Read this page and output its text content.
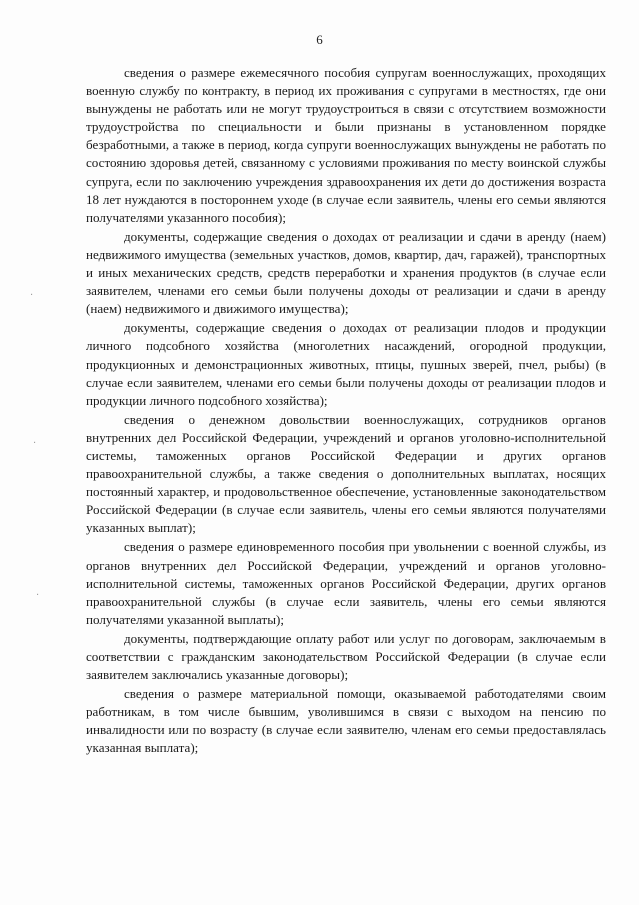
6
·
·
·

сведения о размере ежемесячного пособия супругам военнослужащих, проходящих военную службу по контракту, в период их проживания с супругами в местностях, где они вынуждены не работать или не могут трудоустроиться в связи с отсутствием возможности трудоустройства по специальности и были признаны в установленном порядке безработными, а также в период, когда супруги военнослужащих вынуждены не работать по состоянию здоровья детей, связанному с условиями проживания по месту воинской службы супруга, если по заключению учреждения здравоохранения их дети до достижения возраста 18 лет нуждаются в постороннем уходе (в случае если заявитель, члены его семьи являются получателями указанного пособия);

документы, содержащие сведения о доходах от реализации и сдачи в аренду (наем) недвижимого имущества (земельных участков, домов, квартир, дач, гаражей), транспортных и иных механических средств, средств переработки и хранения продуктов (в случае если заявителем, членами его семьи были получены доходы от реализации и сдачи в аренду (наем) недвижимого и движимого имущества);

документы, содержащие сведения о доходах от реализации плодов и продукции личного подсобного хозяйства (многолетних насаждений, огородной продукции, продукционных и демонстрационных животных, птицы, пушных зверей, пчел, рыбы) (в случае если заявителем, членами его семьи были получены доходы от реализации плодов и продукции личного подсобного хозяйства);

сведения о денежном довольствии военнослужащих, сотрудников органов внутренних дел Российской Федерации, учреждений и органов уголовно-исполнительной системы, таможенных органов Российской Федерации и других органов правоохранительной службы, а также сведения о дополнительных выплатах, носящих постоянный характер, и продовольственное обеспечение, установленные законодательством Российской Федерации (в случае если заявитель, члены его семьи являются получателями указанных выплат);

сведения о размере единовременного пособия при увольнении с военной службы, из органов внутренних дел Российской Федерации, учреждений и органов уголовно-исполнительной системы, таможенных органов Российской Федерации, других органов правоохранительной службы (в случае если заявитель, члены его семьи являются получателями указанной выплаты);

документы, подтверждающие оплату работ или услуг по договорам, заключаемым в соответствии с гражданским законодательством Российской Федерации (в случае если заявителем заключались указанные договоры);

сведения о размере материальной помощи, оказываемой работодателями своим работникам, в том числе бывшим, уволившимся в связи с выходом на пенсию по инвалидности или по возрасту (в случае если заявителю, членам его семьи предоставлялась указанная выплата);
